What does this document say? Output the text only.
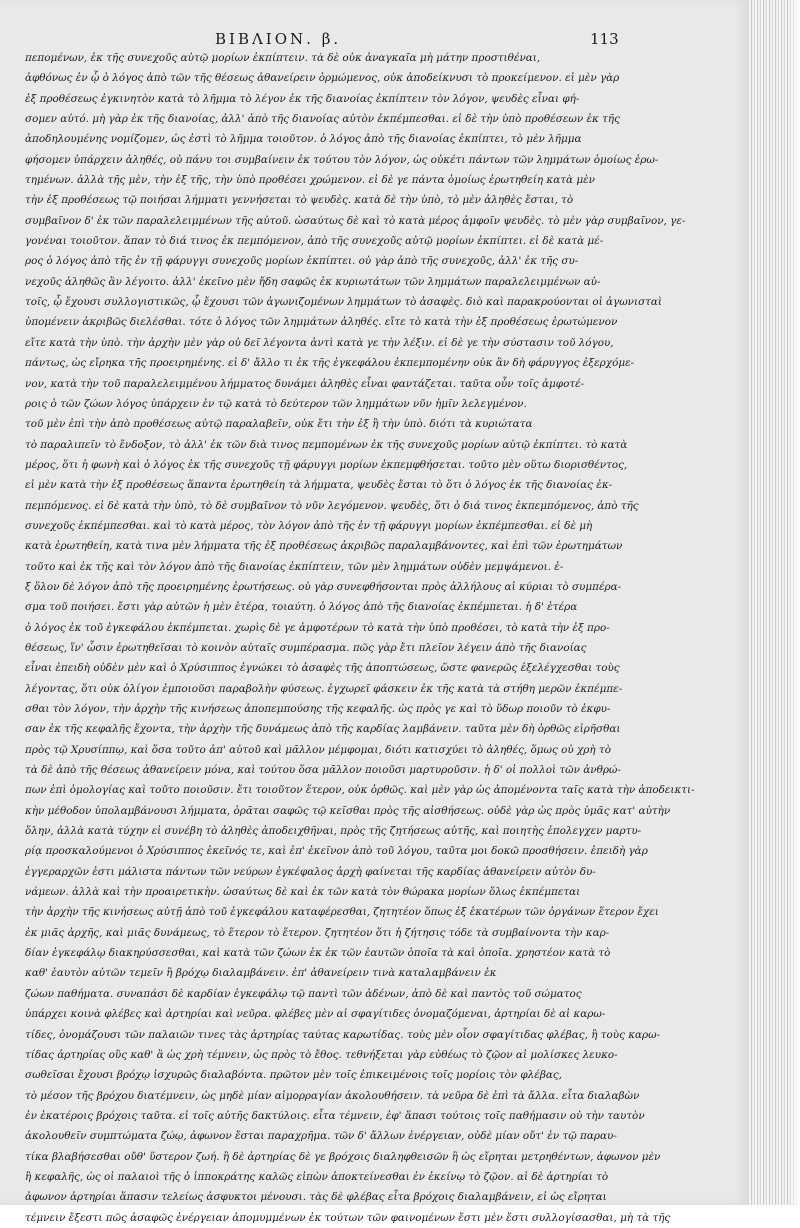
ΒΙΒΛΙΟΝ. β.	113
πεπομένων, ἐκ τῆς συνεχοῦς αὐτῷ μορίων ἐκπίπτειν. τὰ δὲ οὐκ ἀναγκαῖα μὴ μάτην προστιθέναι,
ἀφθόνως ἐν ᾧ ὁ λόγος ἀπὸ τῶν τῆς θέσεως ἀθανείρειν ὁρμώμενος, οὐκ ἀποδείκνυσι τὸ προκείμενον. εἰ μὲν γὰρ
ἐξ προθέσεως ἐγκινητὸν κατὰ τὸ λῆμμα τὸ λέγον ἐκ τῆς διανοίας ἐκπίπτειν τὸν λόγον, ψευδὲς εἶναι φή-
σομεν αὐτό. μὴ γὰρ ἐκ τῆς διανοίας, ἀλλ' ἀπὸ τῆς διανοίας αὐτὸν ἐκπέμπεσθαι. εἰ δὲ τὴν ὑπὸ προθέσεων ἐκ τῆς
ἀποδηλουμένης νομίζομεν, ὡς ἐστὶ τὸ λῆμμα τοιοῦτον. ὁ λόγος ἀπὸ τῆς διανοίας ἐκπίπτει, τὸ μὲν λῆμμα
φήσομεν ὑπάρχειν ἀληθές, οὐ πάνυ τοι συμβαίνειν ἐκ τούτου τὸν λόγον, ὡς οὐκέτι πάντων τῶν λημμάτων ὁμοίως ἐρω-
τημένων. ἀλλὰ τῆς μὲν, τὴν ἐξ τῆς, τὴν ὑπὸ προθέσει χρώμενον. εἰ δὲ γε πάντα ὁμοίως ἐρωτηθείη κατὰ μὲν
τὴν ἐξ προθέσεως τῷ ποιήσαι λήμματι γεννήσεται τὸ ψευδὲς. κατὰ δὲ τὴν ὑπὸ, τὸ μὲν ἀληθὲς ἔσται, τὸ
συμβαῖνον δ' ἐκ τῶν παραλελειμμένων τῆς αὐτοῦ. ὡσαύτως δὲ καὶ τὸ κατὰ μέρος ἀμφοῖν ψευδὲς. τὸ μὲν γὰρ συμβαῖνον, γε-
γονέναι τοιοῦτον. ἅπαν τὸ διά τινος ἐκ πεμπόμενον, ἀπὸ τῆς συνεχοῦς αὐτῷ μορίων ἐκπίπτει. εἰ δὲ κατὰ μέ-
ρος ὁ λόγος ἀπὸ τῆς ἐν τῇ φάρυγγι συνεχοῦς μορίων ἐκπίπτει. οὐ γὰρ ἀπὸ τῆς συνεχοῦς, ἀλλ' ἐκ τῆς συ-
νεχοῦς ἀληθῶς ἂν λέγοιτο. ἀλλ' ἐκεῖνο μὲν ἤδη σαφῶς ἐκ κυριωτάτων τῶν λημμάτων παραλελειμμένων αὐ-
τοῖς, ᾧ ἔχουσι συλλογιστικῶς, ᾧ ἔχουσι τῶν ἀγωνιζομένων λημμάτων τὸ ἀσαφὲς. διὸ καὶ παρακρούονται οἱ ἀγωνισταὶ
ὑπομένειν ἀκριβῶς διελέσθαι. τότε ὁ λόγος τῶν λημμάτων ἀληθές. εἴτε τὸ κατὰ τὴν ἐξ προθέσεως ἐρωτώμενον
εἴτε κατὰ τὴν ὑπὸ. τὴν ἀρχὴν μὲν γὰρ οὐ δεῖ λέγοντα ἀντὶ κατὰ γε τὴν λέξιν. εἰ δὲ γε τὴν σύστασιν τοῦ λόγου,
πάντως, ὡς εἴρηκα τῆς προειρημένης. εἰ δ' ἄλλο τι ἐκ τῆς ἐγκεφάλου ἐκπεμπομένην οὐκ ἂν δὴ φάρυγγος ἐξερχόμε-
νον, κατὰ τὴν τοῦ παραλελειμμένου λήμματος δυνάμει ἀληθὲς εἶναι φαντάζεται. ταῦτα οὖν τοῖς ἀμφοτέ-
ροις ὁ τῶν ζώων λόγος ὑπάρχειν ἐν τῷ κατὰ τὸ δεύτερον τῶν λημμάτων νῦν ἡμῖν λελεγμένον.
τοῦ μὲν ἐπὶ τὴν ἀπὸ προθέσεως αὐτῷ παραλαβεῖν, οὐκ ἔτι τὴν ἐξ ἢ τὴν ὑπὸ. διότι τὰ κυριώτατα
τὸ παραλιπεῖν τὸ ἔνδοξον, τὸ ἀλλ' ἐκ τῶν διὰ τινος πεμπομένων ἐκ τῆς συνεχοῦς μορίων αὐτῷ ἐκπίπτει. τὸ κατὰ
μέρος, ὅτι ἡ φωνὴ καὶ ὁ λόγος ἐκ τῆς συνεχοῦς τῇ φάρυγγι μορίων ἐκπεμφθήσεται. τοῦτο μὲν οὕτω διορισθέντος,
εἰ μὲν κατὰ τὴν ἐξ προθέσεως ἅπαντα ἐρωτηθείη τὰ λήμματα, ψευδὲς ἔσται τὸ ὅτι ὁ λόγος ἐκ τῆς διανοίας ἐκ-
πεμπόμενος. εἰ δὲ κατὰ τὴν ὑπὸ, τὸ δὲ συμβαῖνον τὸ νῦν λεγόμενον. ψευδὲς, ὅτι ὁ διά τινος ἐκπεμπόμενος, ἀπὸ τῆς
συνεχοῦς ἐκπέμπεσθαι. καὶ τὸ κατὰ μέρος, τὸν λόγον ἀπὸ τῆς ἐν τῇ φάρυγγι μορίων ἐκπέμπεσθαι. εἰ δὲ μὴ
κατὰ ἐρωτηθείη, κατὰ τινα μὲν λήμματα τῆς ἐξ προθέσεως ἀκριβῶς παραλαμβάνοντες, καὶ ἐπὶ τῶν ἐρωτημάτων
τοῦτο καὶ ἐκ τῆς καὶ τὸν λόγον ἀπὸ τῆς διανοίας ἐκπίπτειν, τῶν μὲν λημμάτων οὐδὲν μεμψάμενοι. ἐ-
ξ ὅλον δὲ λόγον ἀπὸ τῆς προειρημένης ἐρωτήσεως. οὐ γὰρ συνεφθήσονται πρὸς ἀλλήλους αἱ κύριαι τὸ συμπέρα-
σμα τοῦ ποιήσει. ἔστι γὰρ αὐτῶν ἡ μὲν ἑτέρα, τοιαύτη. ὁ λόγος ἀπὸ τῆς διανοίας ἐκπέμπεται. ἡ δ' ἑτέρα
ὁ λόγος ἐκ τοῦ ἐγκεφάλου ἐκπέμπεται. χωρὶς δὲ γε ἀμφοτέρων τὸ κατὰ τὴν ὑπὸ προθέσει, τὸ κατὰ τὴν ἐξ προ-
θέσεως, ἵν' ὦσιν ἐρωτηθεῖσαι τὸ κοινὸν αὐταῖς συμπέρασμα. πῶς γὰρ ἔτι πλεῖον λέγειν ἀπὸ τῆς διανοίας
εἶναι ἐπειδὴ οὐδὲν μὲν καὶ ὁ Χρύσιππος ἐγνώκει τὸ ἀσαφὲς τῆς ἀποπτώσεως, ὥστε φανερῶς ἐξελέγχεσθαι τοὺς
λέγοντας, ὅτι οὐκ ὀλίγον ἐμποιοῦσι παραβολὴν φύσεως. ἐγχωρεῖ φάσκειν ἐκ τῆς κατὰ τὰ στήθη μερῶν ἐκπέμπε-
σθαι τὸν λόγον, τὴν ἀρχὴν τῆς κινήσεως ἀποπεμπούσης τῆς κεφαλῆς. ὡς πρὸς γε καὶ τὸ ὕδωρ ποιοῦν τὸ ἐκφυ-
σαν ἐκ τῆς κεφαλῆς ἔχοντα, τὴν ἀρχὴν τῆς δυνάμεως ἀπὸ τῆς καρδίας λαμβάνειν. ταῦτα μὲν δὴ ὀρθῶς εἰρῆσθαι
πρὸς τῷ Χρυσίππῳ, καὶ ὅσα τοῦτο ἀπ' αὐτοῦ καὶ μᾶλλον μέμφομαι, διότι κατισχύει τὸ ἀληθές, ὅμως οὐ χρὴ τὸ
τὰ δὲ ἀπὸ τῆς θέσεως ἀθανείρειν μόνα, καὶ τούτου ὅσα μᾶλλον ποιοῦσι μαρτυροῦσιν. ἡ δ' οἱ πολλοὶ τῶν ἀνθρώ-
πων ἐπὶ ὁμολογίας καὶ τοῦτο ποιοῦσιν. ἔτι τοιοῦτον ἕτερον, οὐκ ὀρθῶς. καὶ μὲν γὰρ ὡς ἀπομένοντα ταῖς κατὰ τὴν ἀποδεικτι-
κὴν μέθοδον ὑπολαμβάνουσι λήμματα, ὁρᾶται σαφῶς τῷ κεῖσθαι πρὸς τῆς αἰσθήσεως. οὐδὲ γὰρ ὡς πρὸς ὑμᾶς κατ' αὐτὴν
ὅλην, ἀλλὰ κατὰ τύχην εἰ συνέβη τὸ ἀληθὲς ἀποδειχθῆναι, πρὸς τῆς ζητήσεως αὐτῆς, καὶ ποιητὴς ἐπολεγχεν μαρτυ-
ρίᾳ προσκαλούμενοι ὁ Χρύσιππος ἐκεῖνός τε, καὶ ἐπ' ἐκεῖνον ἀπὸ τοῦ λόγου, ταῦτα μοι δοκῶ προσθήσειν. ἐπειδὴ γὰρ
ἐγγεραρχῶν ἐστι μάλιστα πάντων τῶν νεύρων ἐγκέφαλος ἀρχὴ φαίνεται τῆς καρδίας ἀθανείρειν αὐτὸν δυ-
νάμεων. ἀλλὰ καὶ τὴν προαιρετικὴν. ὡσαύτως δὲ καὶ ἐκ τῶν κατὰ τὸν θώρακα μορίων ὅλως ἐκπέμπεται
τὴν ἀρχὴν τῆς κινήσεως αὐτῇ ἀπὸ τοῦ ἐγκεφάλου καταφέρεσθαι, ζητητέον ὅπως ἐξ ἑκατέρων τῶν ὀργάνων ἕτερον ἔχει
ἐκ μιᾶς ἀρχῆς, καὶ μιᾶς δυνάμεως, τὸ ἕτερον τὸ ἕτερον. ζητητέον ὅτι ἡ ζήτησις τόδε τὰ συμβαίνοντα τὴν καρ-
δίαν ἐγκεφάλῳ διακηρύσσεσθαι, καὶ κατὰ τῶν ζώων ἐκ ἐκ τῶν ἑαυτῶν ὁποῖα τὰ καὶ ὁποῖα. χρηστέον κατὰ τὸ
καθ' ἑαυτὸν αὐτῶν τεμεῖν ἢ βρόχῳ διαλαμβάνειν. ἐπ' ἀθανείρειν τινὰ καταλαμβάνειν ἐκ
ζώων παθήματα. συναπάσι δὲ καρδίαν ἐγκεφάλῳ τῷ παντὶ τῶν ἀδένων, ἀπὸ δὲ καὶ παντὸς τοῦ σώματος
ὑπάρχει κοινὰ φλέβες καὶ ἀρτηρίαι καὶ νεῦρα. φλέβες μὲν αἱ σφαγίτιδες ὀνομαζόμεναι, ἀρτηρίαι δὲ αἱ καρω-
τίδες, ὀνομάζουσι τῶν παλαιῶν τινες τὰς ἀρτηρίας ταύτας καρωτίδας. τοὺς μὲν οἷον σφαγίτιδας φλέβας, ἢ τοὺς καρω-
τίδας ἀρτηρίας οὓς καθ' ἃ ὡς χρὴ τέμνειν, ὡς πρὸς τὸ ἔθος. τεθνήξεται γὰρ εὐθέως τὸ ζῷον αἱ μολίσκες λευκο-
σωθεῖσαι ἔχουσι βρόχῳ ἰσχυρῶς διαλαβόντα. πρῶτον μὲν τοῖς ἐπικειμένοις τοῖς μορίοις τὸν φλέβας,
τὸ μέσον τῆς βρόχου διατέμνειν, ὡς μηδὲ μίαν αἱμορραγίαν ἀκολουθήσειν. τὰ νεῦρα δὲ ἐπὶ τὰ ἄλλα. εἶτα διαλαβὼν
ἐν ἑκατέροις βρόχοις ταῦτα. εἰ τοῖς αὐτῆς δακτύλοις. εἶτα τέμνειν, ἐφ' ἅπασι τούτοις τοῖς παθήμασιν οὐ τὴν ταυτὸν
ἀκολουθεῖν συμπτώματα ζώῳ, ἀφωνον ἔσται παραχρῆμα. τῶν δ' ἄλλων ἐνέργειαν, οὐδὲ μίαν οὔτ' ἐν τῷ παραυ-
τίκα βλαβήσεσθαι οὔθ' ὕστερον ζωή. ἢ δὲ ἀρτηρίας δὲ γε βρόχοις διαληφθεισῶν ἢ ὡς εἴρηται μετρηθέντων, ἀφωνον μὲν
ἢ κεφαλῆς, ὡς οἱ παλαιοὶ τῆς ὁ ἱπποκράτης καλῶς εἰπὼν ἀποκτείνεσθαι ἐν ἐκείνῳ τὸ ζῷον. αἱ δὲ ἀρτηρίαι τὸ
ἀφωνον ἀρτηρίαι ἅπασιν τελείως ἀσφυκτοι μένουσι. τὰς δὲ φλέβας εἶτα βρόχοις διαλαμβάνειν, εἰ ὡς εἴρηται
τέμνειν ἔξεστι πῶς ἀσαφῶς ἐνέργειαν ἀπομυμμένων ἐκ τούτων τῶν φαινομένων ἔστι μὲν ἔστι συλλογίσασθαι, μὴ τὰ τῆς
